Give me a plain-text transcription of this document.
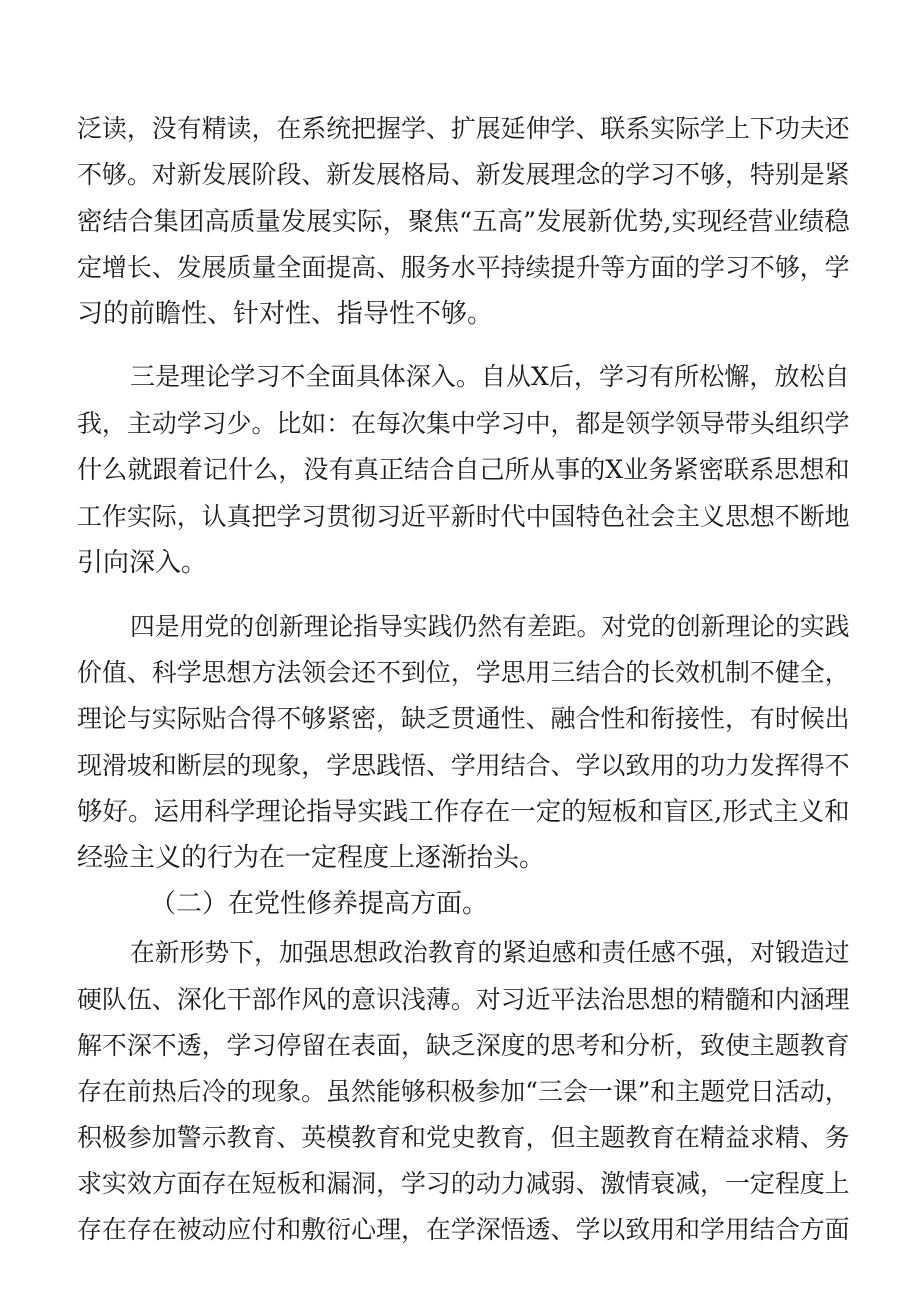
泛读，没有精读，在系统把握学、扩展延伸学、联系实际学上下功夫还

不够。对新发展阶段、新发展格局、新发展理念的学习不够，特别是紧

密结合集团高质量发展实际，聚焦“五高”发展新优势,实现经营业绩稳

定增长、发展质量全面提高、服务水平持续提升等方面的学习不够，学

习的前瞻性、针对性、指导性不够。

三是理论学习不全面具体深入。自从X后，学习有所松懈，放松自

我，主动学习少。比如：在每次集中学习中，都是领学领导带头组织学

什么就跟着记什么，没有真正结合自己所从事的X业务紧密联系思想和

工作实际，认真把学习贯彻习近平新时代中国特色社会主义思想不断地

引向深入。

四是用党的创新理论指导实践仍然有差距。对党的创新理论的实践

价值、科学思想方法领会还不到位，学思用三结合的长效机制不健全，

理论与实际贴合得不够紧密，缺乏贯通性、融合性和衔接性，有时候出

现滑坡和断层的现象，学思践悟、学用结合、学以致用的功力发挥得不

够好。运用科学理论指导实践工作存在一定的短板和盲区,形式主义和

经验主义的行为在一定程度上逐渐抬头。

（二）在党性修养提高方面。

在新形势下，加强思想政治教育的紧迫感和责任感不强，对锻造过

硬队伍、深化干部作风的意识浅薄。对习近平法治思想的精髓和内涵理

解不深不透，学习停留在表面，缺乏深度的思考和分析，致使主题教育

存在前热后冷的现象。虽然能够积极参加“三会一课”和主题党日活动，

积极参加警示教育、英模教育和党史教育，但主题教育在精益求精、务

求实效方面存在短板和漏洞，学习的动力减弱、激情衰减，一定程度上

存在存在被动应付和敷衍心理，在学深悟透、学以致用和学用结合方面
